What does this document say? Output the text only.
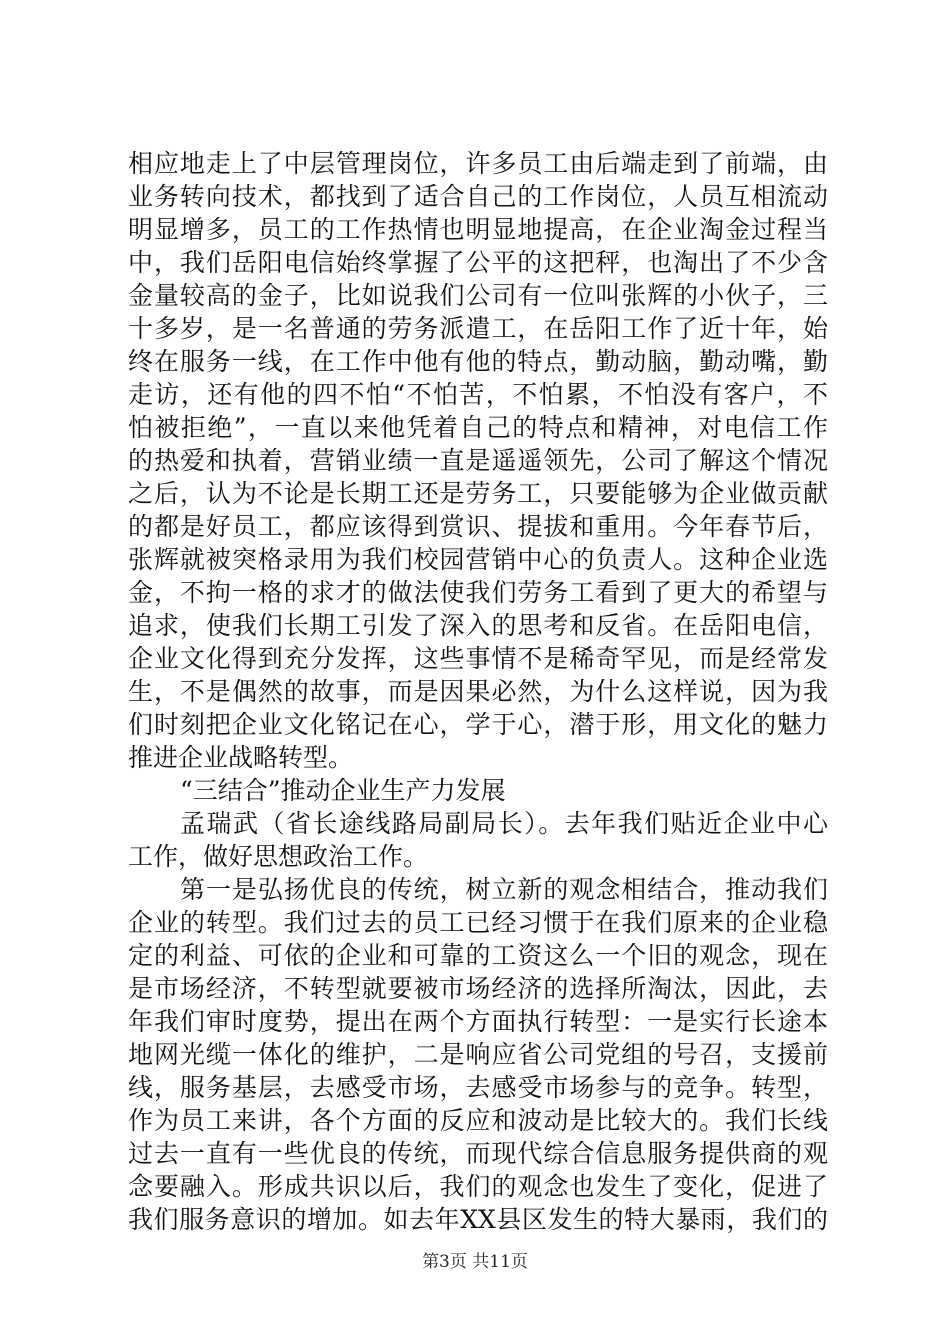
相应地走上了中层管理岗位，许多员工由后端走到了前端，由
业务转向技术，都找到了适合自己的工作岗位，人员互相流动
明显增多，员工的工作热情也明显地提高，在企业淘金过程当
中，我们岳阳电信始终掌握了公平的这把秤，也淘出了不少含
金量较高的金子，比如说我们公司有一位叫张辉的小伙子，三
十多岁，是一名普通的劳务派遣工，在岳阳工作了近十年，始
终在服务一线，在工作中他有他的特点，勤动脑，勤动嘴，勤
走访，还有他的四不怕“不怕苦，不怕累，不怕没有客户，不
怕被拒绝”，一直以来他凭着自己的特点和精神，对电信工作
的热爱和执着，营销业绩一直是遥遥领先，公司了解这个情况
之后，认为不论是长期工还是劳务工，只要能够为企业做贡献
的都是好员工，都应该得到赏识、提拔和重用。今年春节后，
张辉就被突格录用为我们校园营销中心的负责人。这种企业选
金，不拘一格的求才的做法使我们劳务工看到了更大的希望与
追求，使我们长期工引发了深入的思考和反省。在岳阳电信，
企业文化得到充分发挥，这些事情不是稀奇罕见，而是经常发
生，不是偶然的故事，而是因果必然，为什么这样说，因为我
们时刻把企业文化铭记在心，学于心，潜于形，用文化的魅力
推进企业战略转型。
“三结合”推动企业生产力发展
孟瑞武（省长途线路局副局长）。去年我们贴近企业中心
工作，做好思想政治工作。
第一是弘扬优良的传统，树立新的观念相结合，推动我们
企业的转型。我们过去的员工已经习惯于在我们原来的企业稳
定的利益、可依的企业和可靠的工资这么一个旧的观念，现在
是市场经济，不转型就要被市场经济的选择所淘汰，因此，去
年我们审时度势，提出在两个方面执行转型：一是实行长途本
地网光缆一体化的维护，二是响应省公司党组的号召，支援前
线，服务基层，去感受市场，去感受市场参与的竞争。转型，
作为员工来讲，各个方面的反应和波动是比较大的。我们长线
过去一直有一些优良的传统，而现代综合信息服务提供商的观
念要融入。形成共识以后，我们的观念也发生了变化，促进了
我们服务意识的增加。如去年XX县区发生的特大暴雨，我们的
第3页 共11页
